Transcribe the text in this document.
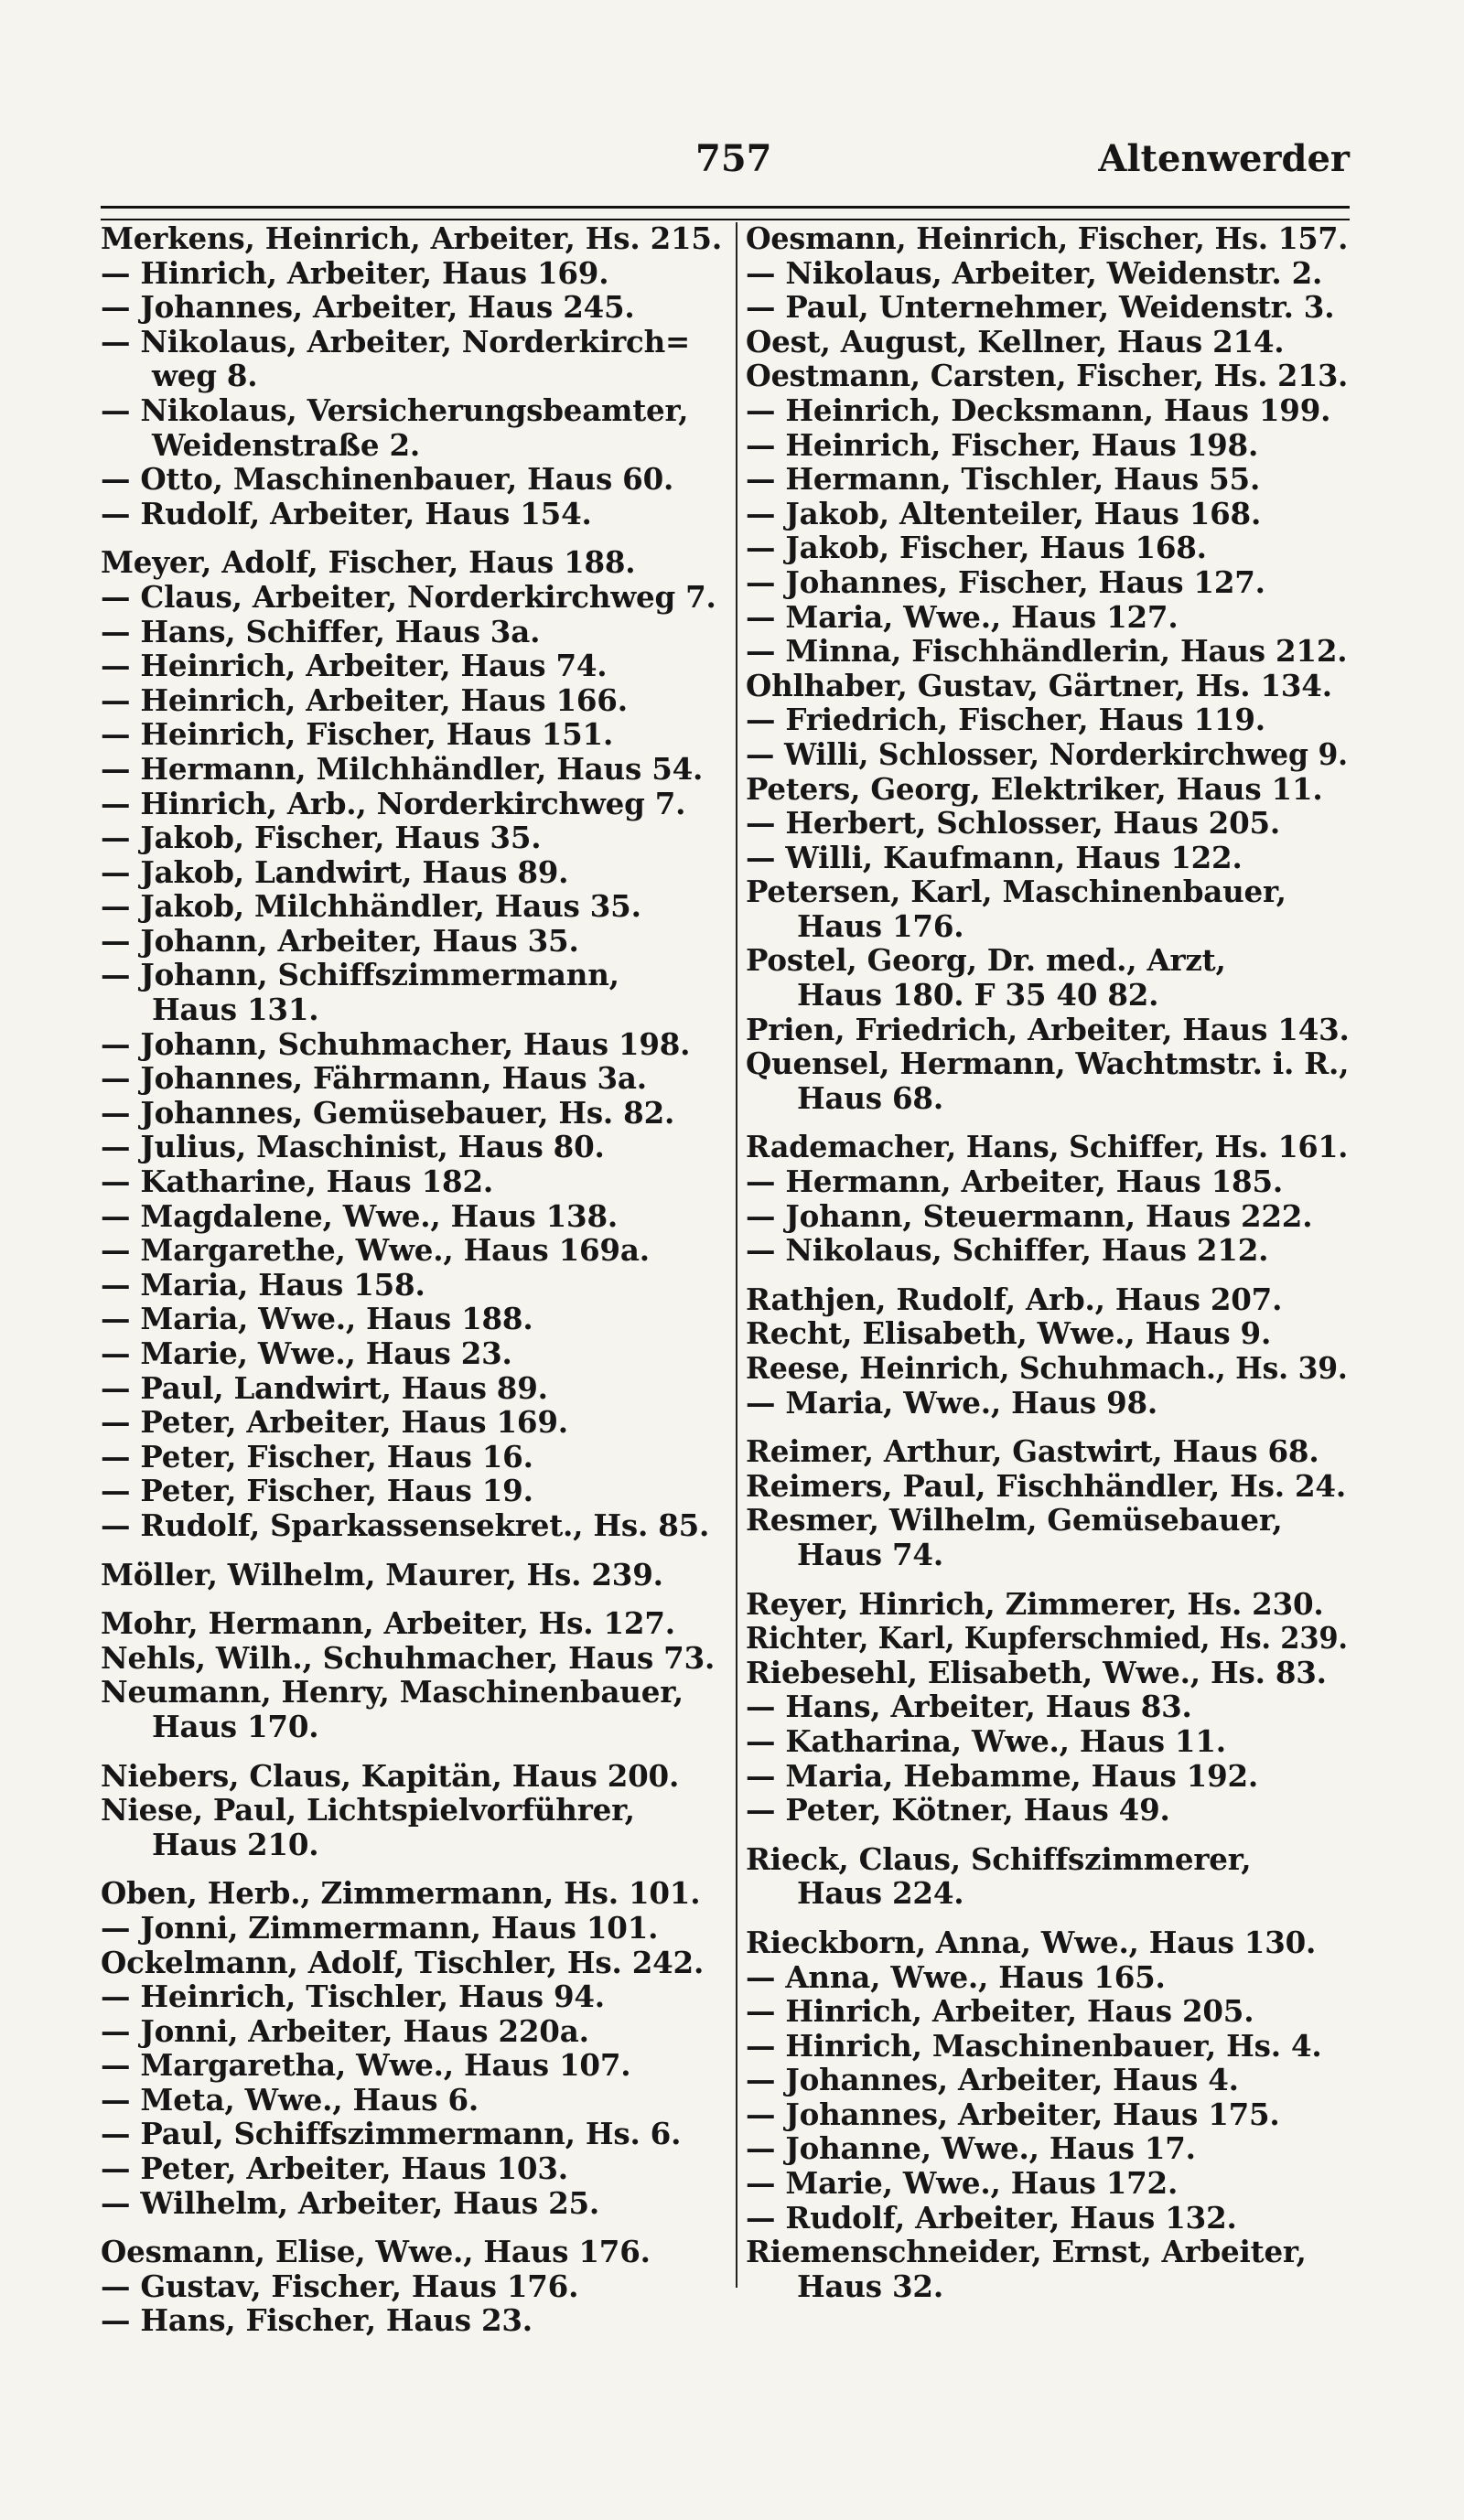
757	Altenwerder
Merkens, Heinrich, Arbeiter, Hs. 215.
— Hinrich, Arbeiter, Haus 169.
— Johannes, Arbeiter, Haus 245.
— Nikolaus, Arbeiter, Norderkirch=
weg 8.
— Nikolaus, Versicherungsbeamter,
Weidenstraße 2.
— Otto, Maschinenbauer, Haus 60.
— Rudolf, Arbeiter, Haus 154.
Meyer, Adolf, Fischer, Haus 188.
— Claus, Arbeiter, Norderkirchweg 7.
— Hans, Schiffer, Haus 3a.
— Heinrich, Arbeiter, Haus 74.
— Heinrich, Arbeiter, Haus 166.
— Heinrich, Fischer, Haus 151.
— Hermann, Milchhändler, Haus 54.
— Hinrich, Arb., Norderkirchweg 7.
— Jakob, Fischer, Haus 35.
— Jakob, Landwirt, Haus 89.
— Jakob, Milchhändler, Haus 35.
— Johann, Arbeiter, Haus 35.
— Johann, Schiffszimmermann,
Haus 131.
— Johann, Schuhmacher, Haus 198.
— Johannes, Fährmann, Haus 3a.
— Johannes, Gemüsebauer, Hs. 82.
— Julius, Maschinist, Haus 80.
— Katharine, Haus 182.
— Magdalene, Wwe., Haus 138.
— Margarethe, Wwe., Haus 169a.
— Maria, Haus 158.
— Maria, Wwe., Haus 188.
— Marie, Wwe., Haus 23.
— Paul, Landwirt, Haus 89.
— Peter, Arbeiter, Haus 169.
— Peter, Fischer, Haus 16.
— Peter, Fischer, Haus 19.
— Rudolf, Sparkassensekret., Hs. 85.
Möller, Wilhelm, Maurer, Hs. 239.
Mohr, Hermann, Arbeiter, Hs. 127.
Nehls, Wilh., Schuhmacher, Haus 73.
Neumann, Henry, Maschinenbauer,
Haus 170.
Niebers, Claus, Kapitän, Haus 200.
Niese, Paul, Lichtspielvorführer,
Haus 210.
Oben, Herb., Zimmermann, Hs. 101.
— Jonni, Zimmermann, Haus 101.
Ockelmann, Adolf, Tischler, Hs. 242.
— Heinrich, Tischler, Haus 94.
— Jonni, Arbeiter, Haus 220a.
— Margaretha, Wwe., Haus 107.
— Meta, Wwe., Haus 6.
— Paul, Schiffszimmermann, Hs. 6.
— Peter, Arbeiter, Haus 103.
— Wilhelm, Arbeiter, Haus 25.
Oesmann, Elise, Wwe., Haus 176.
— Gustav, Fischer, Haus 176.
— Hans, Fischer, Haus 23.
Oesmann, Heinrich, Fischer, Hs. 157.
— Nikolaus, Arbeiter, Weidenstr. 2.
— Paul, Unternehmer, Weidenstr. 3.
Oest, August, Kellner, Haus 214.
Oestmann, Carsten, Fischer, Hs. 213.
— Heinrich, Decksmann, Haus 199.
— Heinrich, Fischer, Haus 198.
— Hermann, Tischler, Haus 55.
— Jakob, Altenteiler, Haus 168.
— Jakob, Fischer, Haus 168.
— Johannes, Fischer, Haus 127.
— Maria, Wwe., Haus 127.
— Minna, Fischhändlerin, Haus 212.
Ohlhaber, Gustav, Gärtner, Hs. 134.
— Friedrich, Fischer, Haus 119.
— Willi, Schlosser, Norderkirchweg 9.
Peters, Georg, Elektriker, Haus 11.
— Herbert, Schlosser, Haus 205.
— Willi, Kaufmann, Haus 122.
Petersen, Karl, Maschinenbauer,
Haus 176.
Postel, Georg, Dr. med., Arzt,
Haus 180. F 35 40 82.
Prien, Friedrich, Arbeiter, Haus 143.
Quensel, Hermann, Wachtmstr. i. R.,
Haus 68.
Rademacher, Hans, Schiffer, Hs. 161.
— Hermann, Arbeiter, Haus 185.
— Johann, Steuermann, Haus 222.
— Nikolaus, Schiffer, Haus 212.
Rathjen, Rudolf, Arb., Haus 207.
Recht, Elisabeth, Wwe., Haus 9.
Reese, Heinrich, Schuhmach., Hs. 39.
— Maria, Wwe., Haus 98.
Reimer, Arthur, Gastwirt, Haus 68.
Reimers, Paul, Fischhändler, Hs. 24.
Resmer, Wilhelm, Gemüsebauer,
Haus 74.
Reyer, Hinrich, Zimmerer, Hs. 230.
Richter, Karl, Kupferschmied, Hs. 239.
Riebesehl, Elisabeth, Wwe., Hs. 83.
— Hans, Arbeiter, Haus 83.
— Katharina, Wwe., Haus 11.
— Maria, Hebamme, Haus 192.
— Peter, Kötner, Haus 49.
Rieck, Claus, Schiffszimmerer,
Haus 224.
Rieckborn, Anna, Wwe., Haus 130.
— Anna, Wwe., Haus 165.
— Hinrich, Arbeiter, Haus 205.
— Hinrich, Maschinenbauer, Hs. 4.
— Johannes, Arbeiter, Haus 4.
— Johannes, Arbeiter, Haus 175.
— Johanne, Wwe., Haus 17.
— Marie, Wwe., Haus 172.
— Rudolf, Arbeiter, Haus 132.
Riemenschneider, Ernst, Arbeiter,
Haus 32.
